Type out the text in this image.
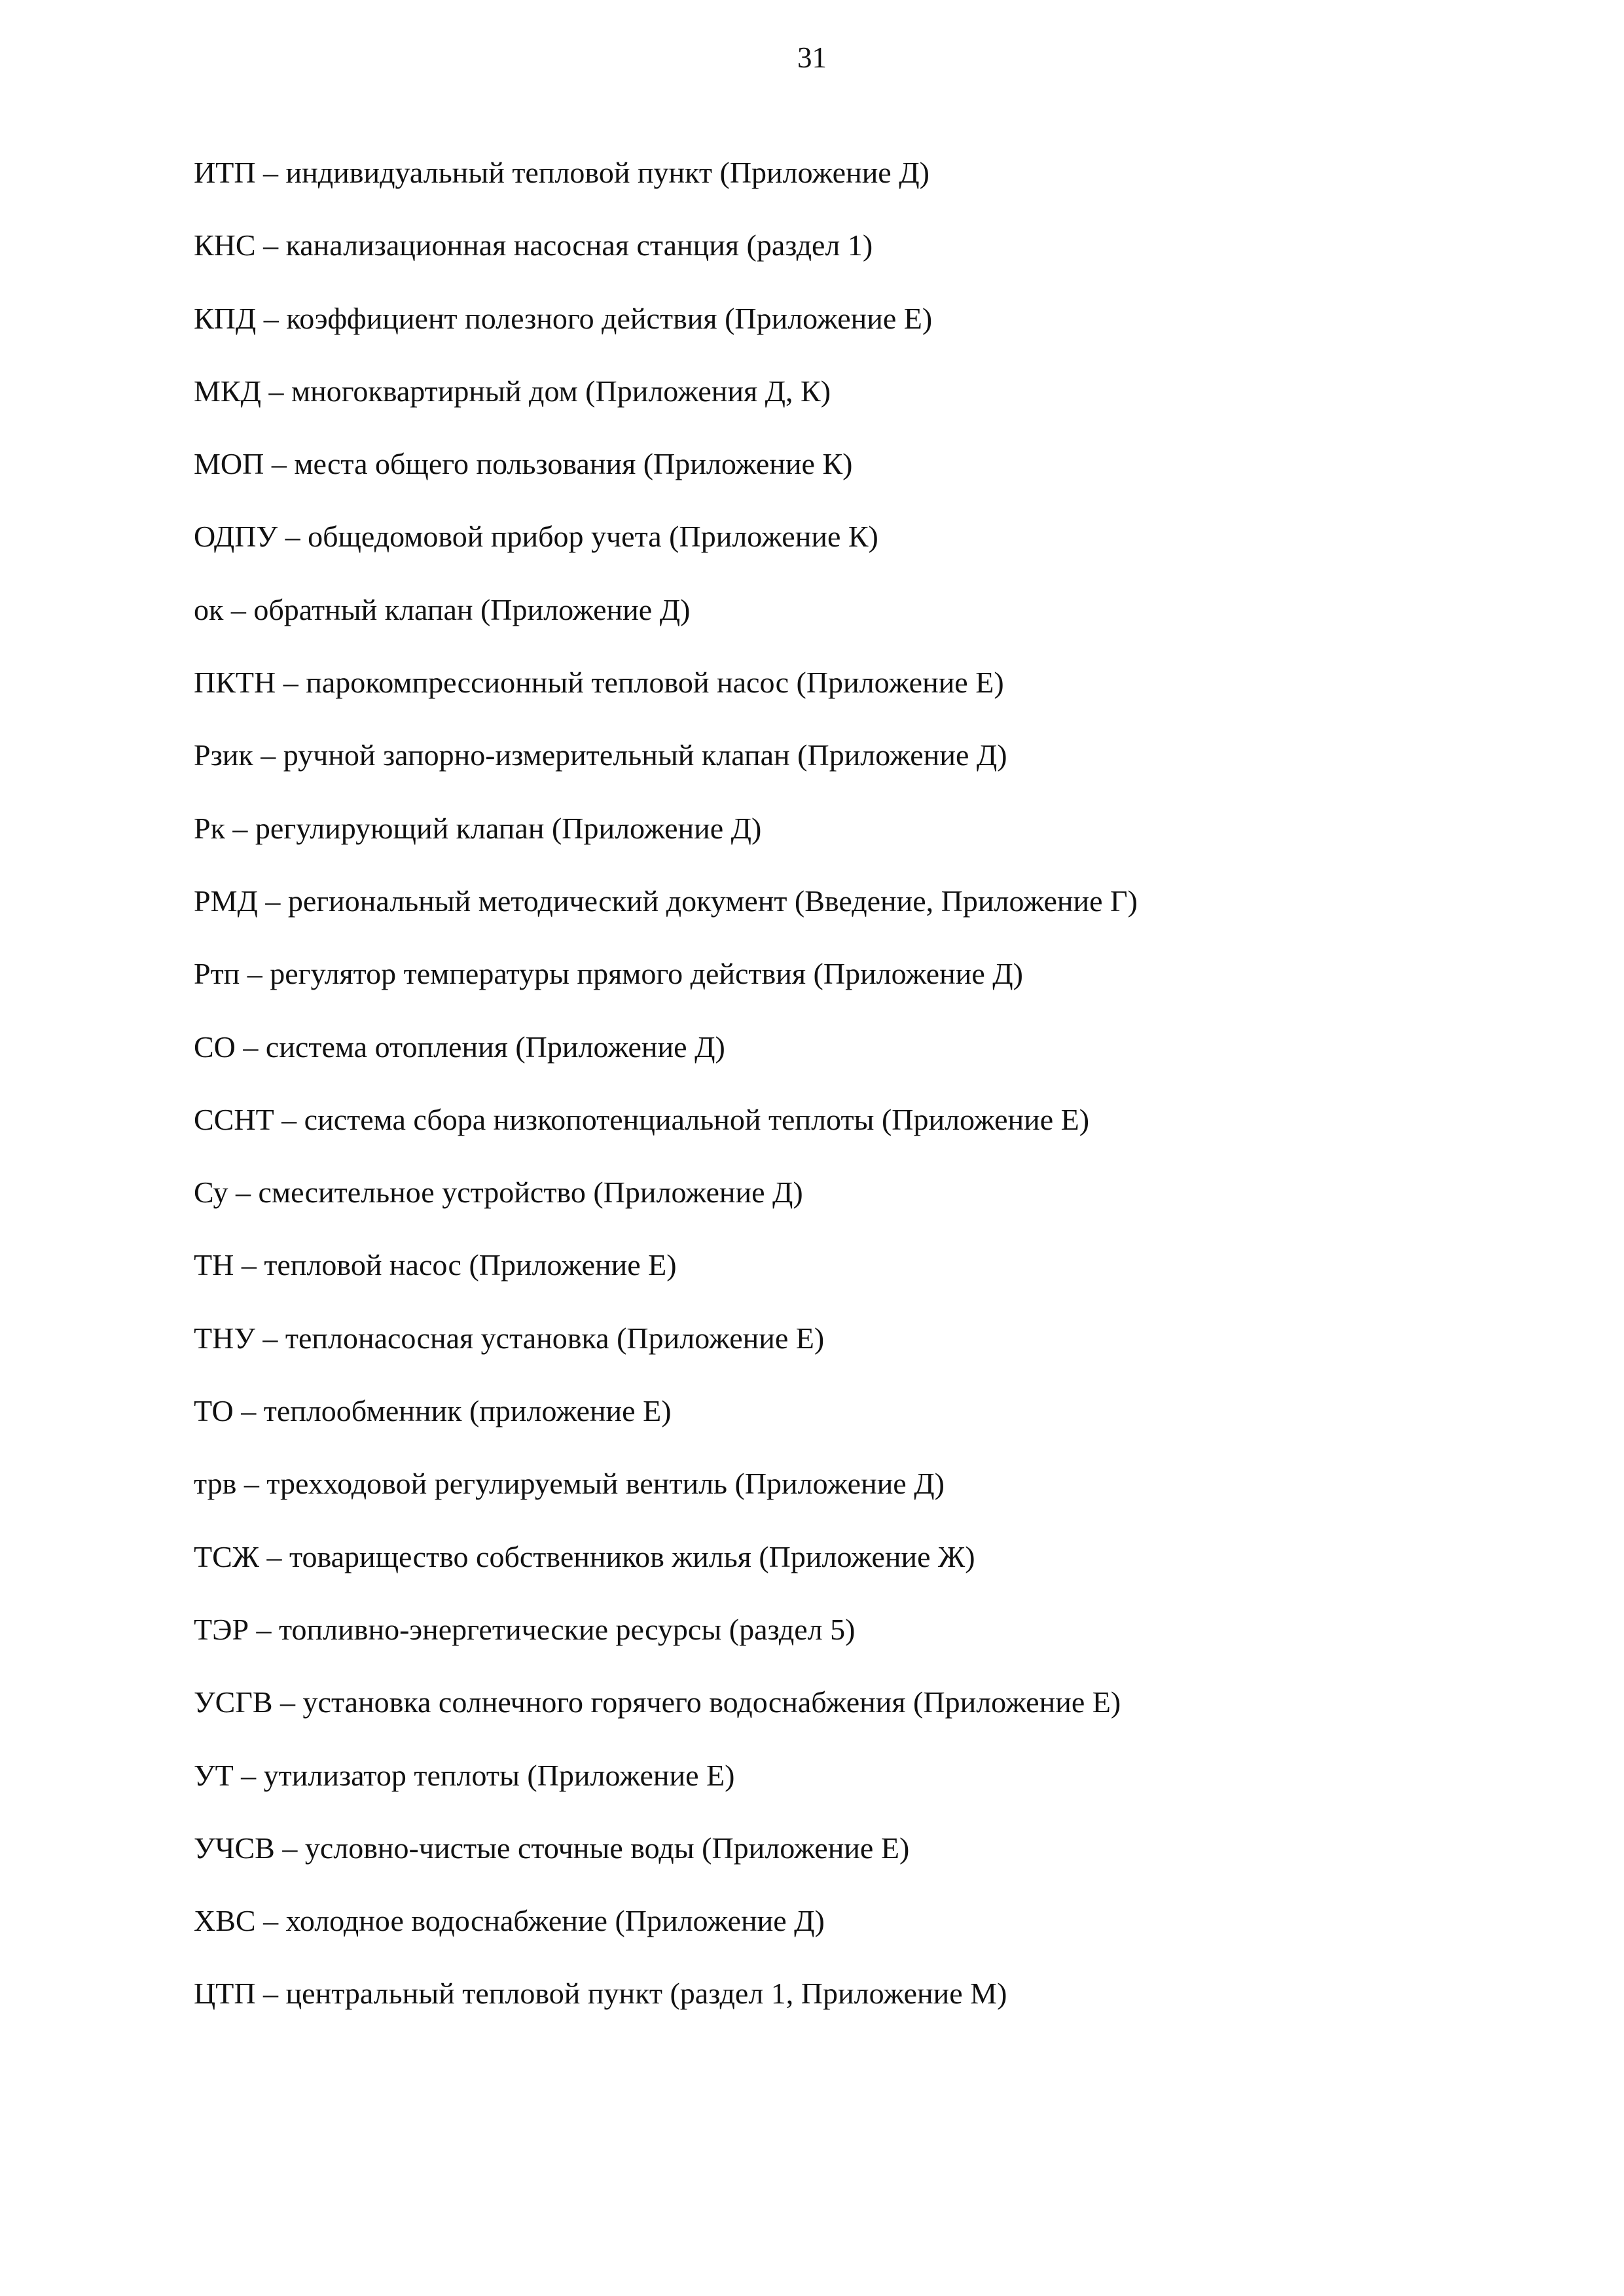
31
ИТП – индивидуальный тепловой пункт (Приложение Д)
КНС – канализационная насосная станция (раздел 1)
КПД – коэффициент полезного действия (Приложение Е)
МКД – многоквартирный дом (Приложения Д, К)
МОП – места общего пользования (Приложение К)
ОДПУ – общедомовой прибор учета (Приложение К)
ок – обратный клапан (Приложение Д)
ПКТН – парокомпрессионный тепловой насос (Приложение Е)
Рзик – ручной запорно-измерительный клапан (Приложение Д)
Рк – регулирующий клапан (Приложение Д)
РМД – региональный методический документ (Введение, Приложение Г)
Ртп – регулятор температуры прямого действия (Приложение Д)
СО – система отопления (Приложение Д)
ССНТ – система сбора низкопотенциальной теплоты (Приложение Е)
Су – смесительное устройство (Приложение Д)
ТН – тепловой насос (Приложение Е)
ТНУ – теплонасосная установка (Приложение Е)
ТО – теплообменник (приложение Е)
трв – трехходовой регулируемый вентиль (Приложение Д)
ТСЖ – товарищество собственников жилья (Приложение Ж)
ТЭР – топливно-энергетические ресурсы (раздел 5)
УСГВ – установка солнечного горячего водоснабжения (Приложение Е)
УТ – утилизатор теплоты (Приложение Е)
УЧСВ – условно-чистые сточные воды (Приложение Е)
ХВС – холодное водоснабжение (Приложение Д)
ЦТП – центральный тепловой пункт (раздел 1, Приложение М)
